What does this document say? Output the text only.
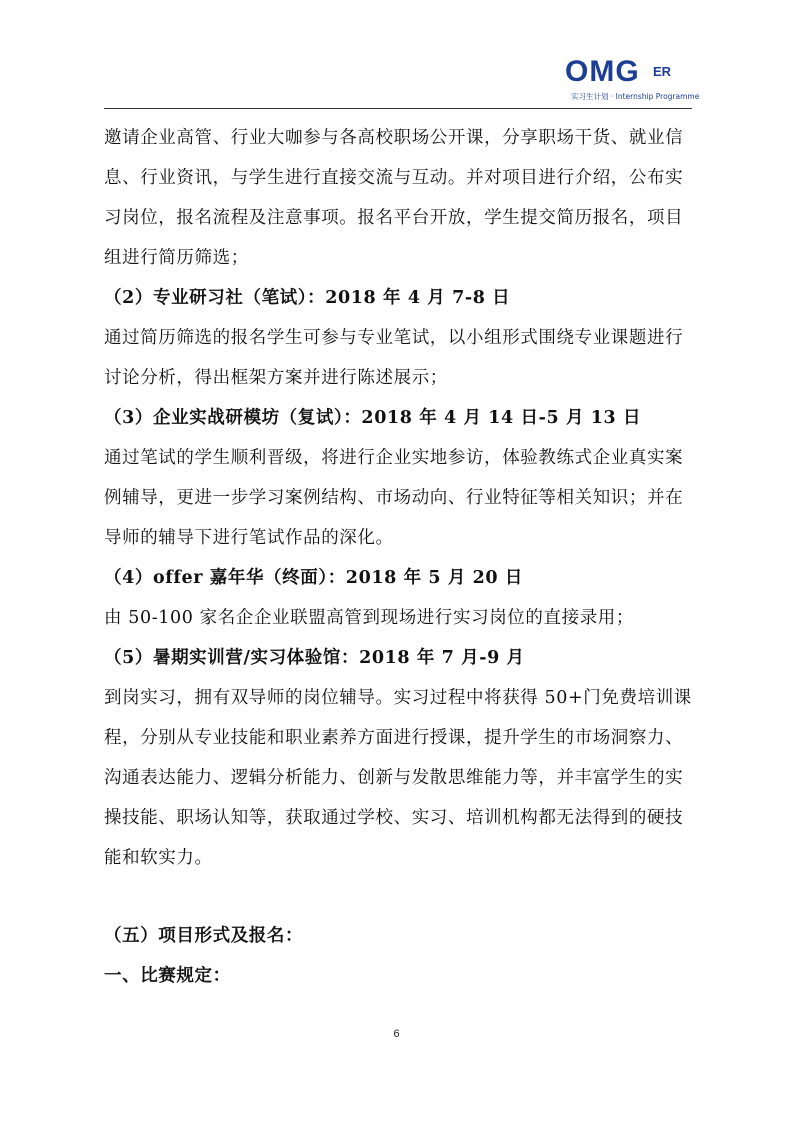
OMG ER
实习生计划 · Internship Programme

邀请企业高管、行业大咖参与各高校职场公开课，分享职场干货、就业信息、行业资讯，与学生进行直接交流与互动。并对项目进行介绍，公布实习岗位，报名流程及注意事项。报名平台开放，学生提交简历报名，项目组进行简历筛选；

（2）专业研习社（笔试）：2018 年 4 月 7-8 日

通过简历筛选的报名学生可参与专业笔试，以小组形式围绕专业课题进行讨论分析，得出框架方案并进行陈述展示；

（3）企业实战研模坊（复试）：2018 年 4 月 14 日-5 月 13 日

通过笔试的学生顺利晋级，将进行企业实地参访，体验教练式企业真实案例辅导，更进一步学习案例结构、市场动向、行业特征等相关知识；并在导师的辅导下进行笔试作品的深化。

（4）offer 嘉年华（终面）：2018 年 5 月 20 日

由 50-100 家名企企业联盟高管到现场进行实习岗位的直接录用；

（5）暑期实训营/实习体验馆：2018 年 7 月-9 月

到岗实习，拥有双导师的岗位辅导。实习过程中将获得 50+门免费培训课程，分别从专业技能和职业素养方面进行授课，提升学生的市场洞察力、沟通表达能力、逻辑分析能力、创新与发散思维能力等，并丰富学生的实操技能、职场认知等，获取通过学校、实习、培训机构都无法得到的硬技能和软实力。

（五）项目形式及报名：

一、比赛规定：

6
